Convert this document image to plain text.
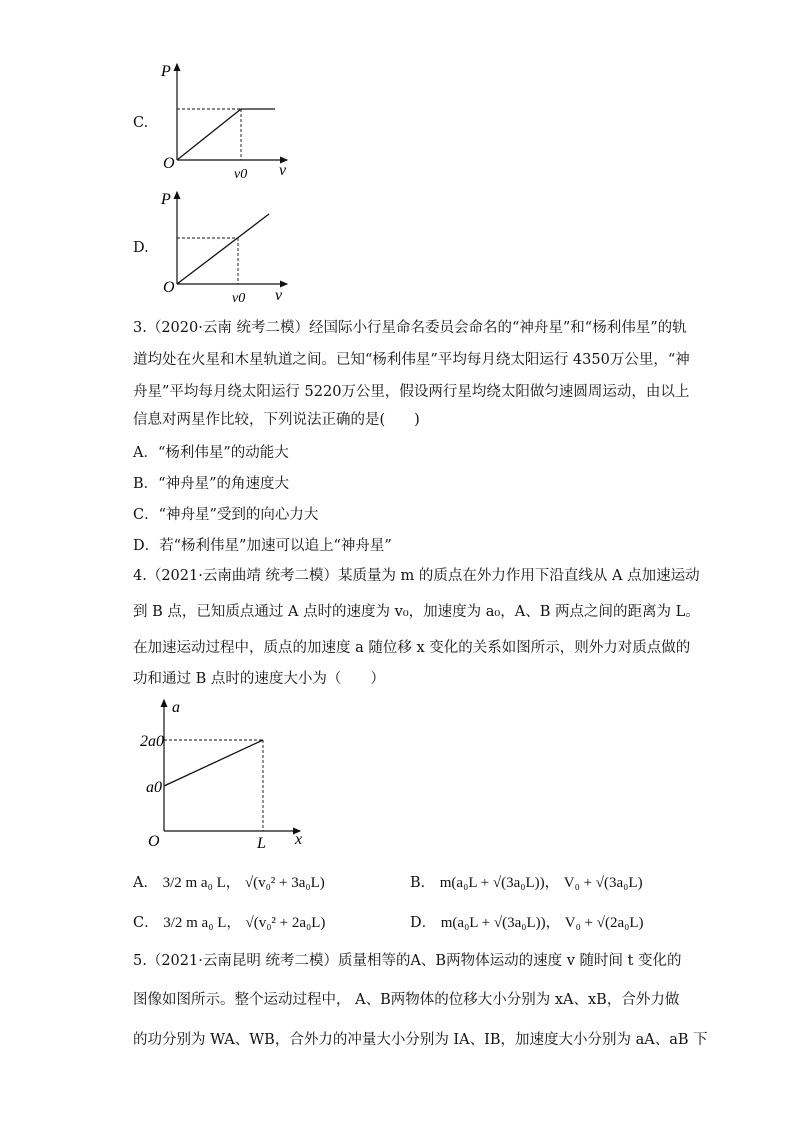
C.
P
O	v
v0
D.
P
O	v
v0
3.（2020·云南 统考二模）经国际小行星命名委员会命名的“神舟星”和“杨利伟星”的轨
道均处在火星和木星轨道之间。已知“杨利伟星”平均每月绕太阳运行 4350万公里，“神
舟星”平均每月绕太阳运行 5220万公里，假设两行星均绕太阳做匀速圆周运动，由以上
信息对两星作比较，下列说法正确的是(　　)
A．“杨利伟星”的动能大
B．“神舟星”的角速度大
C．“神舟星”受到的向心力大
D．若“杨利伟星”加速可以追上“神舟星”
4.（2021·云南曲靖 统考二模）某质量为 m 的质点在外力作用下沿直线从 A 点加速运动
到 B 点，已知质点通过 A 点时的速度为 v₀，加速度为 a₀，A、B 两点之间的距离为 L。
在加速运动过程中，质点的加速度 a 随位移 x 变化的关系如图所示，则外力对质点做的
功和通过 B 点时的速度大小为（　　）
a
2a0
a0
O	L x
A． 3/2 m a₀ L， √(v₀² + 3a₀L)	B． m(a₀L + √(3a₀L))， V₀ + √(3a₀L)
C． 3/2 m a₀ L， √(v₀² + 2a₀L)	D． m(a₀L + √(3a₀L))， V₀ + √(2a₀L)
5.（2021·云南昆明 统考二模）质量相等的A、B两物体运动的速度 v 随时间 t 变化的
图像如图所示。整个运动过程中， A、B两物体的位移大小分别为 xA、xB，合外力做
的功分别为 WA、WB，合外力的冲量大小分别为 IA、IB，加速度大小分别为 aA、aB 下
